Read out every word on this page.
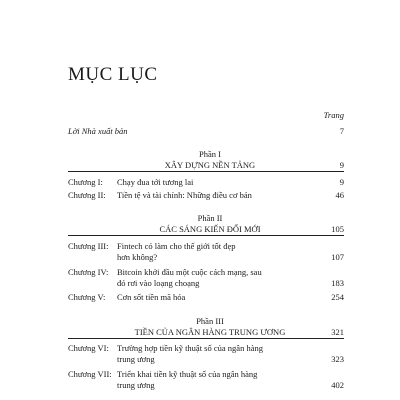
MỤC LỤC
Trang
Lời Nhà xuất bản	7
Phần I
XÂY DỰNG NỀN TẢNG	9
Chương I: Chạy đua tới tương lai	9
Chương II: Tiền tệ và tài chính: Những điều cơ bản	46
Phần II
CÁC SÁNG KIẾN ĐỔI MỚI	105
Chương III: Fintech có làm cho thế giới tốt đẹp
hơn không?	107
Chương IV: Bitcoin khởi đầu một cuộc cách mạng, sau
đó rơi vào loạng choạng	183
Chương V: Cơn sốt tiền mã hóa	254
Phần III
TIỀN CỦA NGÂN HÀNG TRUNG ƯƠNG	321
Chương VI: Trường hợp tiền kỹ thuật số của ngân hàng
trung ương	323
Chương VII: Triển khai tiền kỹ thuật số của ngân hàng
trung ương	402
